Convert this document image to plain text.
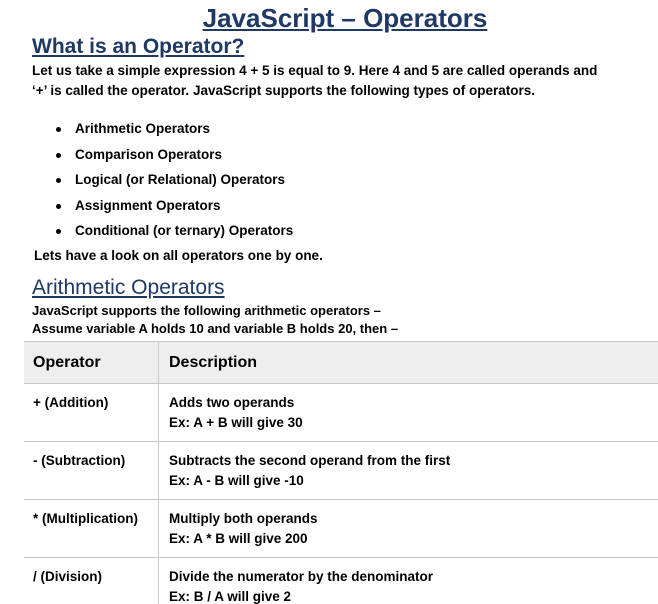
JavaScript – Operators
What is an Operator?
Let us take a simple expression 4 + 5 is equal to 9. Here 4 and 5 are called operands and
‘+’ is called the operator. JavaScript supports the following types of operators.
Arithmetic Operators
Comparison Operators
Logical (or Relational) Operators
Assignment Operators
Conditional (or ternary) Operators
Lets have a look on all operators one by one.
Arithmetic Operators
JavaScript supports the following arithmetic operators –
Assume variable A holds 10 and variable B holds 20, then –
Operator	Description
+ (Addition)	Adds two operands
Ex: A + B will give 30
- (Subtraction)	Subtracts the second operand from the first
Ex: A - B will give -10
* (Multiplication)	Multiply both operands
Ex: A * B will give 200
/ (Division)	Divide the numerator by the denominator
Ex: B / A will give 2
